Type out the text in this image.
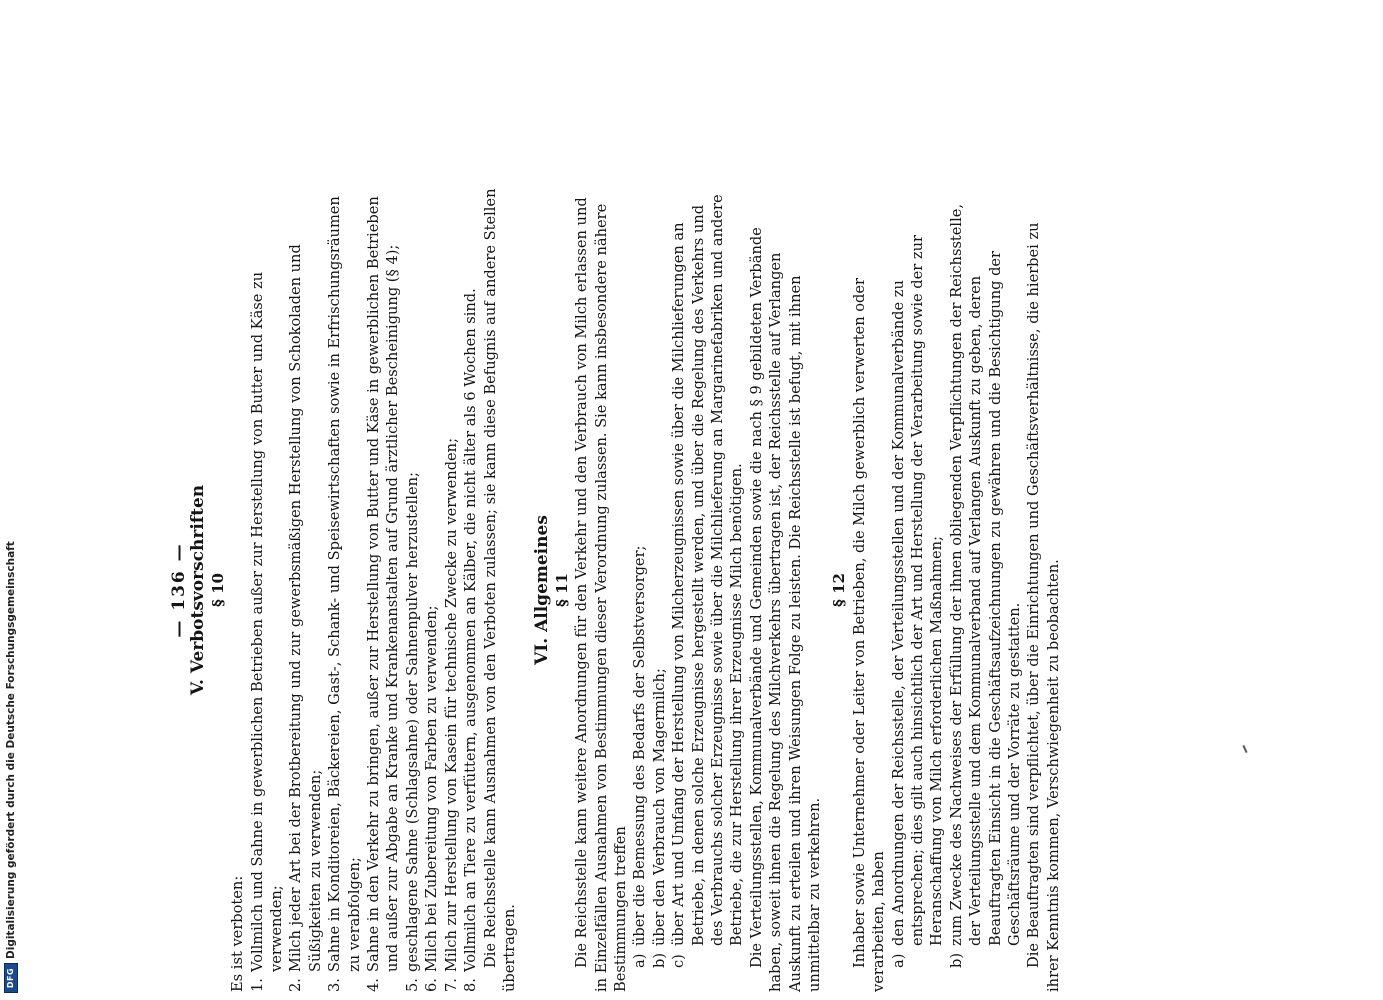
— 136 — V. Verbotsvorschriften § 10

Es ist verboten: 1.Vollmilch und Sahne in gewerblichen Betrieben außer zur Herstellung von Butter und Käse zu verwenden;
2.Milch jeder Art bei der Brotbereitung und zur gewerbsmäßigen Herstellung von Schokoladen und Süßigkeiten zu verwenden;
3.Sahne in Konditoreien, Bäckereien, Gast-, Schank- und Speisewirtschaften sowie in Erfrischungsräumen zu verabfolgen;
4.Sahne in den Verkehr zu bringen, außer zur Herstellung von Butter und Käse in gewerblichen Betrieben und außer zur Abgabe an Kranke und Krankenanstalten auf Grund ärztlicher Bescheinigung (§ 4);
5.geschlagene Sahne (Schlagsahne) oder Sahnenpulver herzustellen;
6.Milch bei Zubereitung von Farben zu verwenden;
7.Milch zur Herstellung von Kasein für technische Zwecke zu verwenden;
8.Vollmilch an Tiere zu verfüttern, ausgenommen an Kälber, die nicht älter als 6 Wochen sind. Die Reichsstelle kann Ausnahmen von den Verboten zulassen; sie kann diese Befugnis auf andere Stellen übertragen.

VI. Allgemeines § 11 Die Reichsstelle kann weitere Anordnungen für den Verkehr und den Verbrauch von Milch erlassen und in Einzelfällen Ausnahmen von Bestimmungen dieser Verordnung zulassen. Sie kann insbesondere nähere Bestimmungen treffen a)über die Bemessung des Bedarfs der Selbstversorger;
b)über den Verbrauch von Magermilch;
c)über Art und Umfang der Herstellung von Milcherzeugnissen sowie über die Milchlieferungen an Betriebe, in denen solche Erzeugnisse hergestellt werden, und über die Regelung des Verkehrs und des Verbrauchs solcher Erzeugnisse sowie über die Milchlieferung an Margarinefabriken und andere Betriebe, die zur Herstellung ihrer Erzeugnisse Milch benötigen. Die Verteilungsstellen, Kommunalverbände und Gemeinden sowie die nach § 9 gebildeten Verbände haben, soweit ihnen die Regelung des Milchverkehrs übertragen ist, der Reichsstelle auf Verlangen Auskunft zu erteilen und ihren Weisungen Folge zu leisten. Die Reichsstelle ist befugt, mit ihnen unmittelbar zu verkehren.

§ 12 Inhaber sowie Unternehmer oder Leiter von Betrieben, die Milch gewerblich verwerten oder verarbeiten, haben a)den Anordnungen der Reichsstelle, der Verteilungsstellen und der Kommunalverbände zu entsprechen; dies gilt auch hinsichtlich der Art und Herstellung der Verarbeitung sowie der zur Heranschaffung von Milch erforderlichen Maßnahmen;
b)zum Zwecke des Nachweises der Erfüllung der ihnen obliegenden Verpflichtungen der Reichsstelle, der Verteilungsstelle und dem Kommunalverband auf Verlangen Auskunft zu geben, deren Beauftragten Einsicht in die Geschäftsaufzeichnungen zu gewähren und die Besichtigung der Geschäftsräume und der Vorräte zu gestatten. Die Beauftragten sind verpflichtet, über die Einrichtungen und Geschäftsverhältnisse, die hierbei zu ihrer Kenntnis kommen, Verschwiegenheit zu beobachten.

DFG
Digitalisierung gefördert durch die Deutsche Forschungsgemeinschaft
